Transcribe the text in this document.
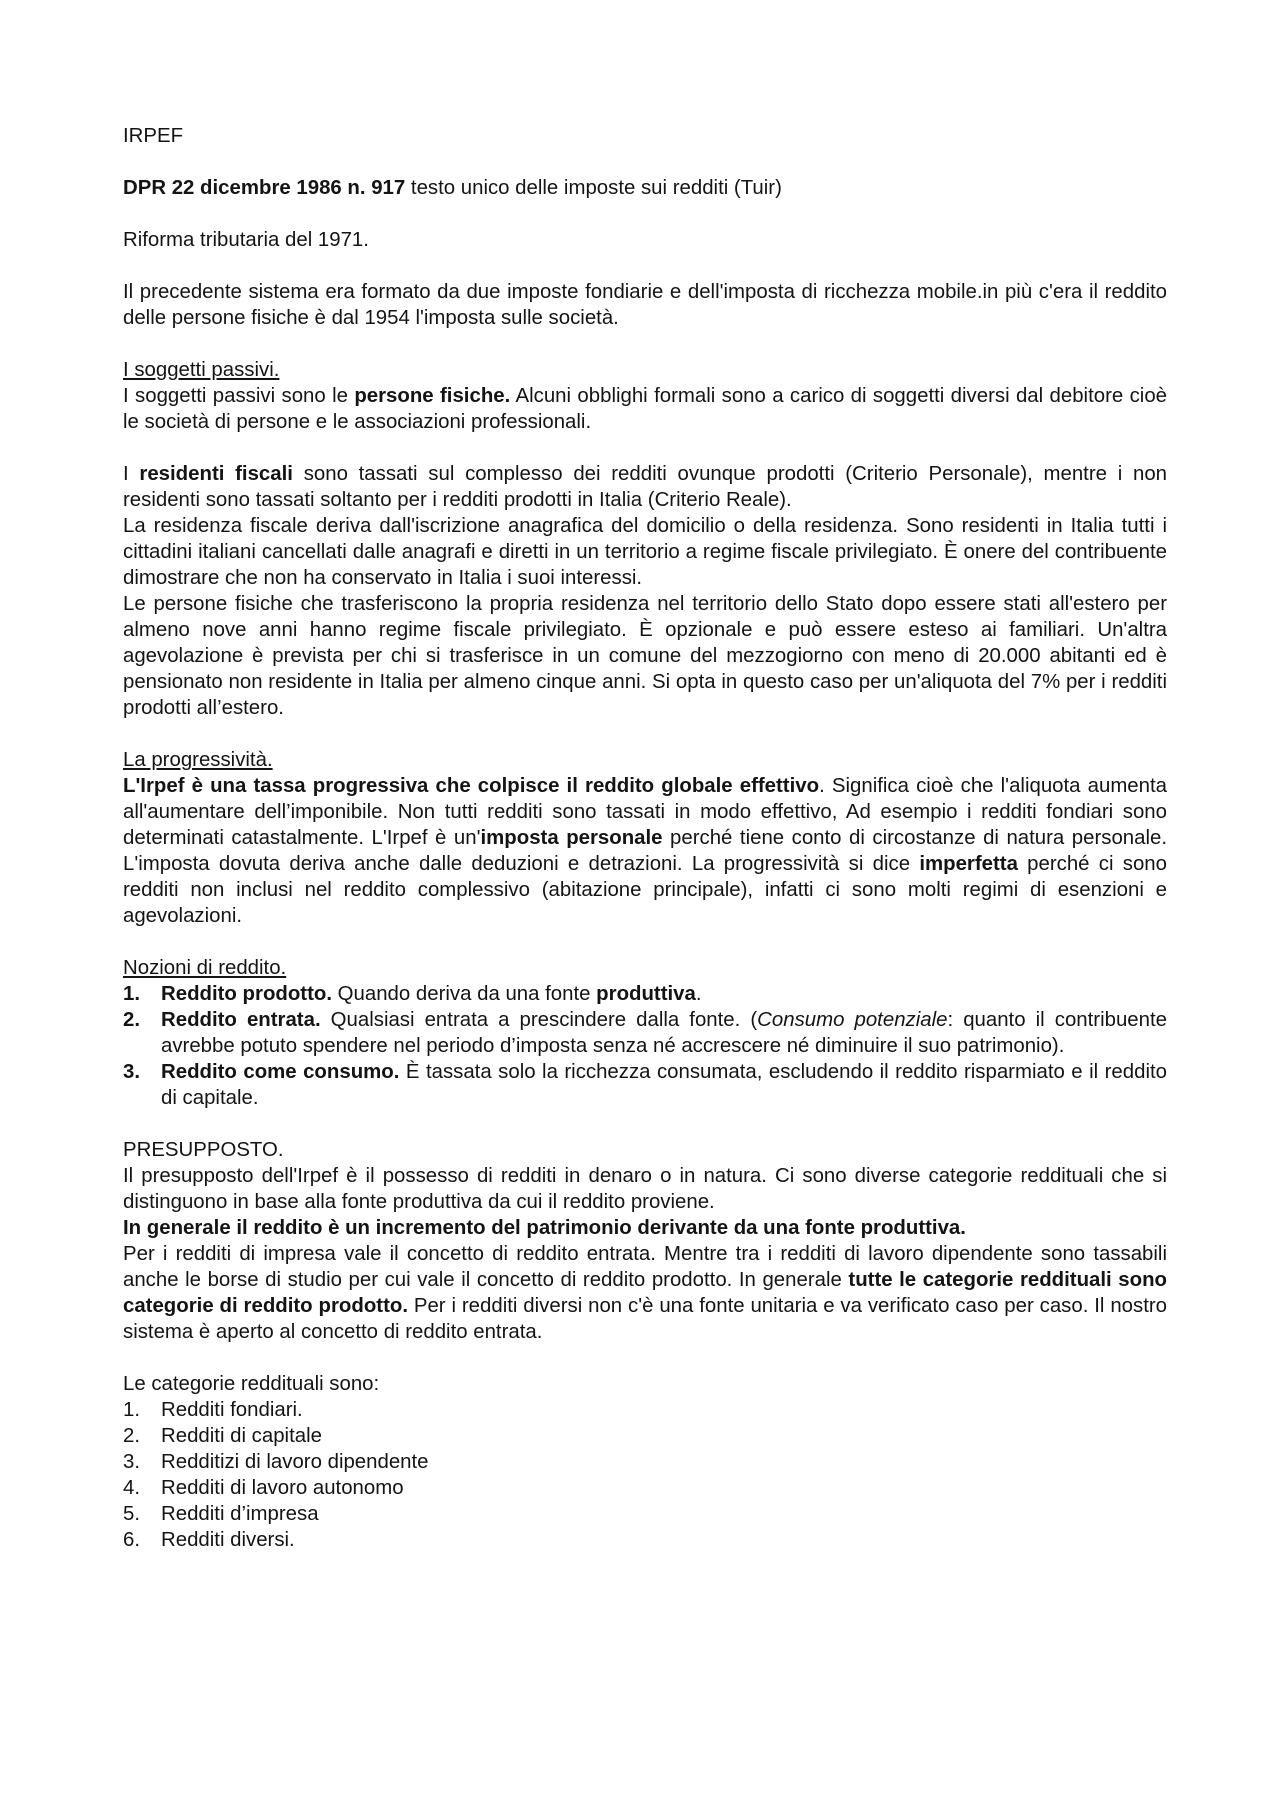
IRPEF

DPR 22 dicembre 1986 n. 917 testo unico delle imposte sui redditi (Tuir)

Riforma tributaria del 1971.

Il precedente sistema era formato da due imposte fondiarie e dell'imposta di ricchezza mobile.in più c'era il reddito delle persone fisiche è dal 1954 l'imposta sulle società.

I soggetti passivi.

I soggetti passivi sono le persone fisiche. Alcuni obblighi formali sono a carico di soggetti diversi dal debitore cioè le società di persone e le associazioni professionali.

I residenti fiscali sono tassati sul complesso dei redditi ovunque prodotti (Criterio Personale), mentre i non residenti sono tassati soltanto per i redditi prodotti in Italia (Criterio Reale).

La residenza fiscale deriva dall'iscrizione anagrafica del domicilio o della residenza. Sono residenti in Italia tutti i cittadini italiani cancellati dalle anagrafi e diretti in un territorio a regime fiscale privilegiato. È onere del contribuente dimostrare che non ha conservato in Italia i suoi interessi.

Le persone fisiche che trasferiscono la propria residenza nel territorio dello Stato dopo essere stati all'estero per almeno nove anni hanno regime fiscale privilegiato. È opzionale e può essere esteso ai familiari. Un'altra agevolazione è prevista per chi si trasferisce in un comune del mezzogiorno con meno di 20.000 abitanti ed è pensionato non residente in Italia per almeno cinque anni. Si opta in questo caso per un'aliquota del 7% per i redditi prodotti all’estero.

La progressività.

L'Irpef è una tassa progressiva che colpisce il reddito globale effettivo. Significa cioè che l'aliquota aumenta all'aumentare dell’imponibile. Non tutti redditi sono tassati in modo effettivo, Ad esempio i redditi fondiari sono determinati catastalmente. L'Irpef è un'imposta personale perché tiene conto di circostanze di natura personale. L'imposta dovuta deriva anche dalle deduzioni e detrazioni. La progressività si dice imperfetta perché ci sono redditi non inclusi nel reddito complessivo (abitazione principale), infatti ci sono molti regimi di esenzioni e agevolazioni.

Nozioni di reddito.

1. Reddito prodotto. Quando deriva da una fonte produttiva.
2. Reddito entrata. Qualsiasi entrata a prescindere dalla fonte. (Consumo potenziale: quanto il contribuente avrebbe potuto spendere nel periodo d’imposta senza né accrescere né diminuire il suo patrimonio).
3. Reddito come consumo. È tassata solo la ricchezza consumata, escludendo il reddito risparmiato e il reddito di capitale.

PRESUPPOSTO.

Il presupposto dell'Irpef è il possesso di redditi in denaro o in natura. Ci sono diverse categorie reddituali che si distinguono in base alla fonte produttiva da cui il reddito proviene.

In generale il reddito è un incremento del patrimonio derivante da una fonte produttiva.

Per i redditi di impresa vale il concetto di reddito entrata. Mentre tra i redditi di lavoro dipendente sono tassabili anche le borse di studio per cui vale il concetto di reddito prodotto. In generale tutte le categorie reddituali sono categorie di reddito prodotto. Per i redditi diversi non c'è una fonte unitaria e va verificato caso per caso. Il nostro sistema è aperto al concetto di reddito entrata.

Le categorie reddituali sono:

1. Redditi fondiari.
2. Redditi di capitale
3. Redditizi di lavoro dipendente
4. Redditi di lavoro autonomo
5. Redditi d’impresa
6. Redditi diversi.
